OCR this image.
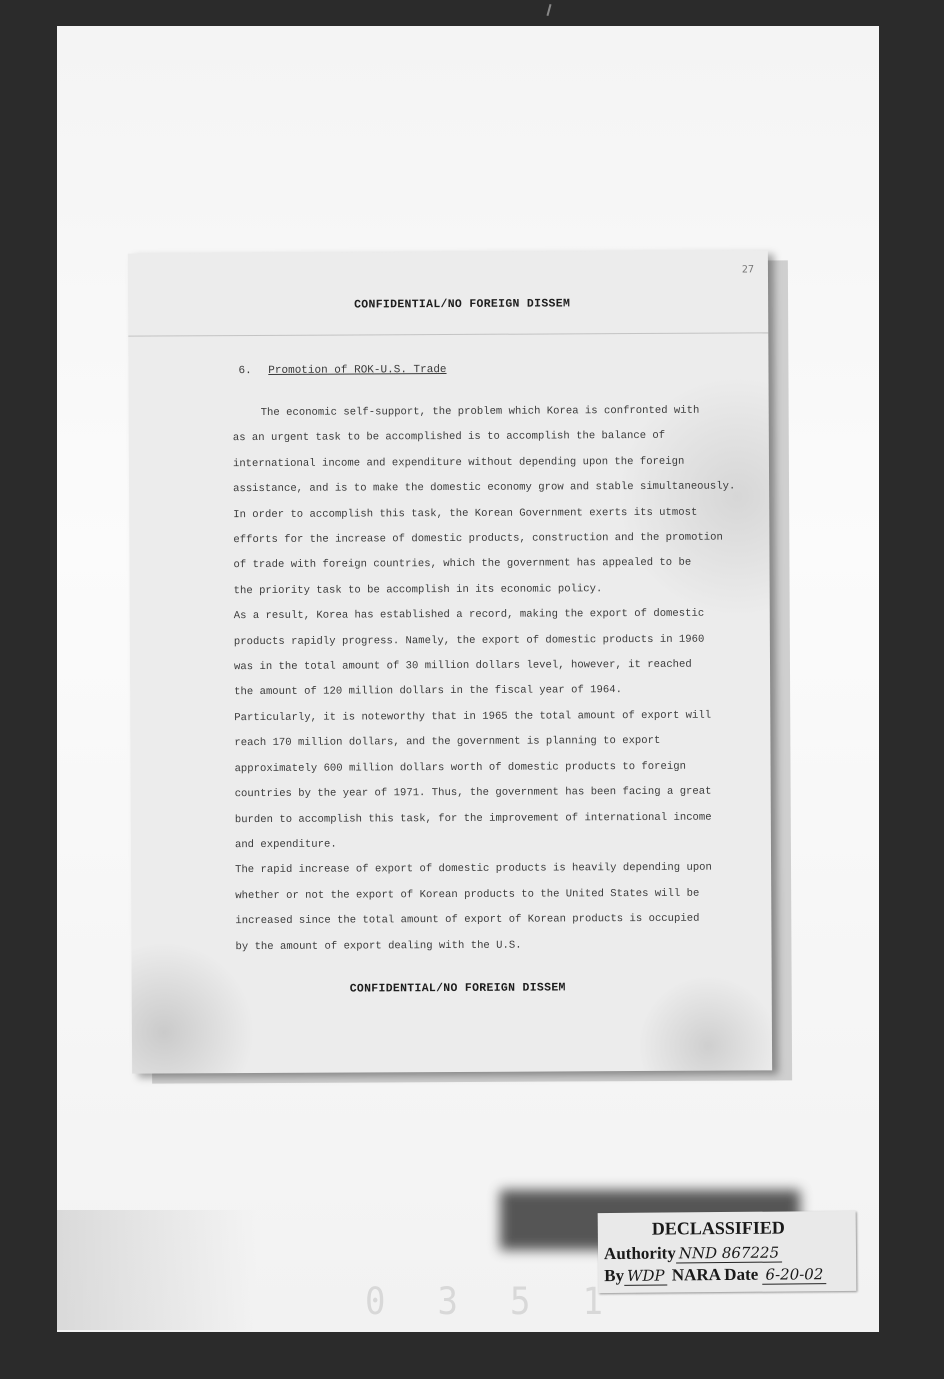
27
CONFIDENTIAL/NO FOREIGN DISSEM
6. Promotion of ROK-U.S. Trade
The economic self-support, the problem which Korea is confronted with
as an urgent task to be accomplished is to accomplish the balance of
international income and expenditure without depending upon the foreign
assistance, and is to make the domestic economy grow and stable simultaneously.
In order to accomplish this task, the Korean Government exerts its utmost
efforts for the increase of domestic products, construction and the promotion
of trade with foreign countries, which the government has appealed to be
the priority task to be accomplish in its economic policy.
As a result, Korea has established a record, making the export of domestic
products rapidly progress. Namely, the export of domestic products in 1960
was in the total amount of 30 million dollars level, however, it reached
the amount of 120 million dollars in the fiscal year of 1964.
Particularly, it is noteworthy that in 1965 the total amount of export will
reach 170 million dollars, and the government is planning to export
approximately 600 million dollars worth of domestic products to foreign
countries by the year of 1971. Thus, the government has been facing a great
burden to accomplish this task, for the improvement of international income
and expenditure.
The rapid increase of export of domestic products is heavily depending upon
whether or not the export of Korean products to the United States will be
increased since the total amount of export of Korean products is occupied
by the amount of export dealing with the U.S.
CONFIDENTIAL/NO FOREIGN DISSEM
DECLASSIFIED
Authority NND 867225
By WDP NARA Date 6-20-02
0 3 5 1
